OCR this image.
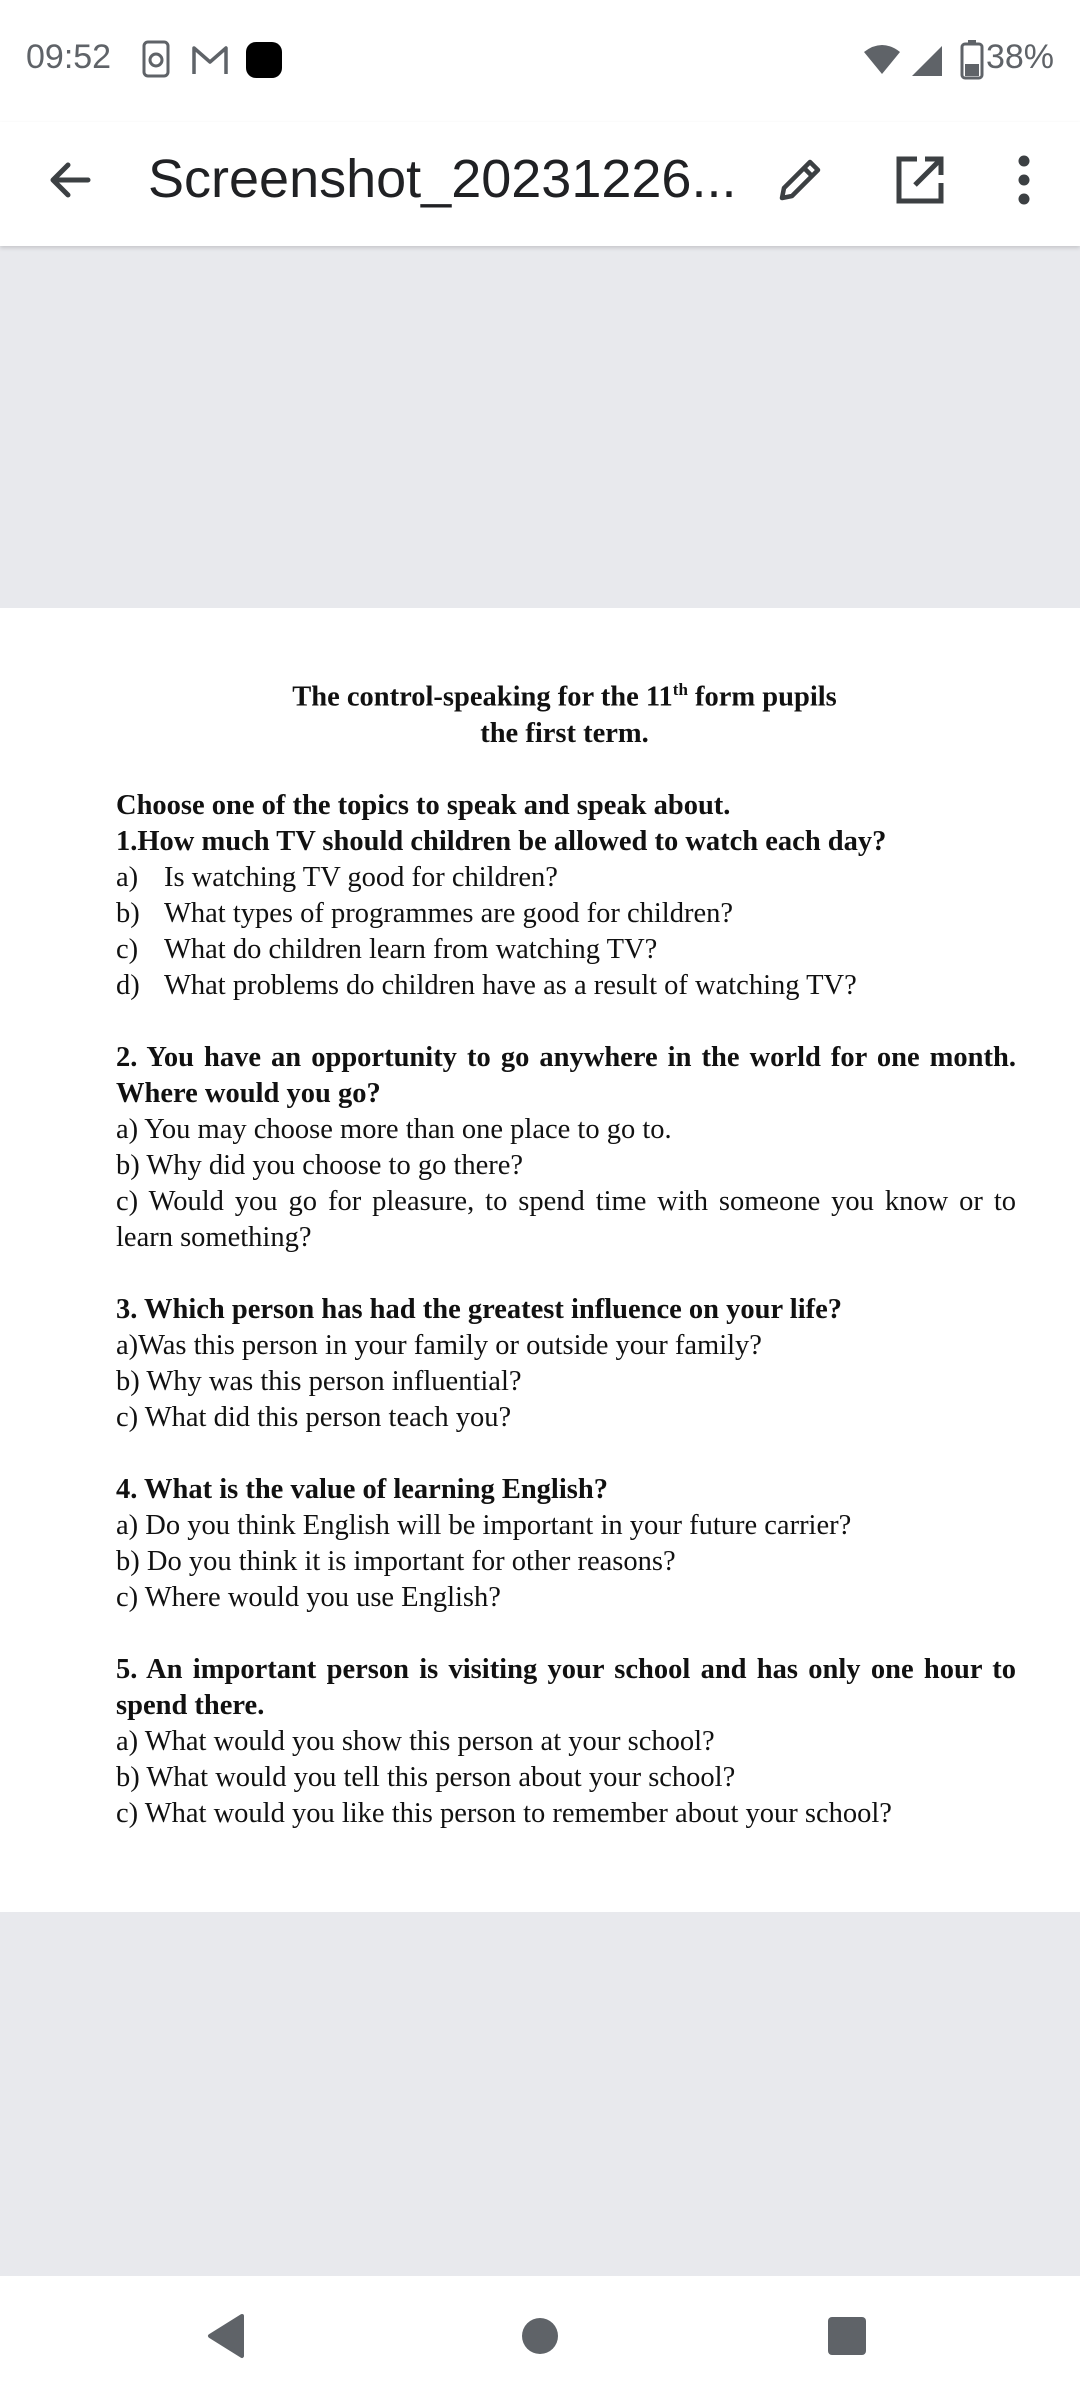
09:52	38%
Screenshot_20231226...

The control-speaking for the 11th form pupils

the first term.

Choose one of the topics to speak and speak about.

1.How much TV should children be allowed to watch each day?

a) Is watching TV good for children?
b) What types of programmes are good for children?
c) What do children learn from watching TV?
d) What problems do children have as a result of watching TV?

2. You have an opportunity to go anywhere in the world for one month. Where would you go?

a) You may choose more than one place to go to.

b) Why did you choose to go there?

c) Would you go for pleasure, to spend time with someone you know or to learn something?

3. Which person has had the greatest influence on your life?

a)Was this person in your family or outside your family?

b) Why was this person influential?

c) What did this person teach you?

4. What is the value of learning English?

a) Do you think English will be important in your future carrier?

b) Do you think it is important for other reasons?

c) Where would you use English?

5. An important person is visiting your school and has only one hour to spend there.

a) What would you show this person at your school?

b) What would you tell this person about your school?

c) What would you like this person to remember about your school?
